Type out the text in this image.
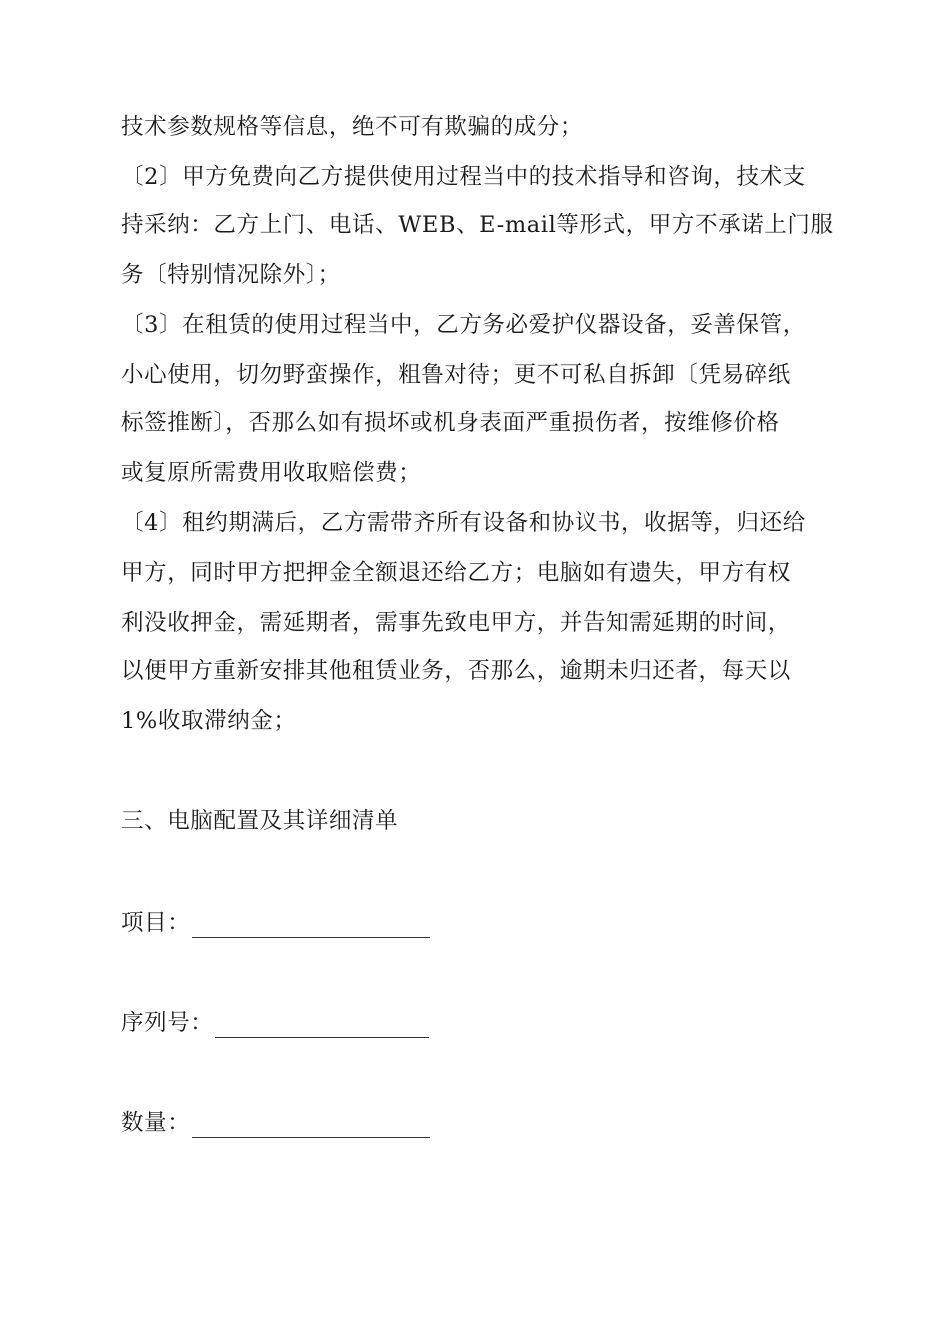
技术参数规格等信息，绝不可有欺骗的成分；
〔2〕甲方免费向乙方提供使用过程当中的技术指导和咨询，技术支
持采纳：乙方上门、电话、WEB、E-mail等形式，甲方不承诺上门服
务〔特别情况除外〕；
〔3〕在租赁的使用过程当中，乙方务必爱护仪器设备，妥善保管，
小心使用，切勿野蛮操作，粗鲁对待；更不可私自拆卸〔凭易碎纸
标签推断〕，否那么如有损坏或机身表面严重损伤者，按维修价格
或复原所需费用收取赔偿费；
〔4〕租约期满后，乙方需带齐所有设备和协议书，收据等，归还给
甲方，同时甲方把押金全额退还给乙方；电脑如有遗失，甲方有权
利没收押金，需延期者，需事先致电甲方，并告知需延期的时间，
以便甲方重新安排其他租赁业务，否那么，逾期未归还者，每天以
1%收取滞纳金；
三、电脑配置及其详细清单
项目：
序列号：
数量：
